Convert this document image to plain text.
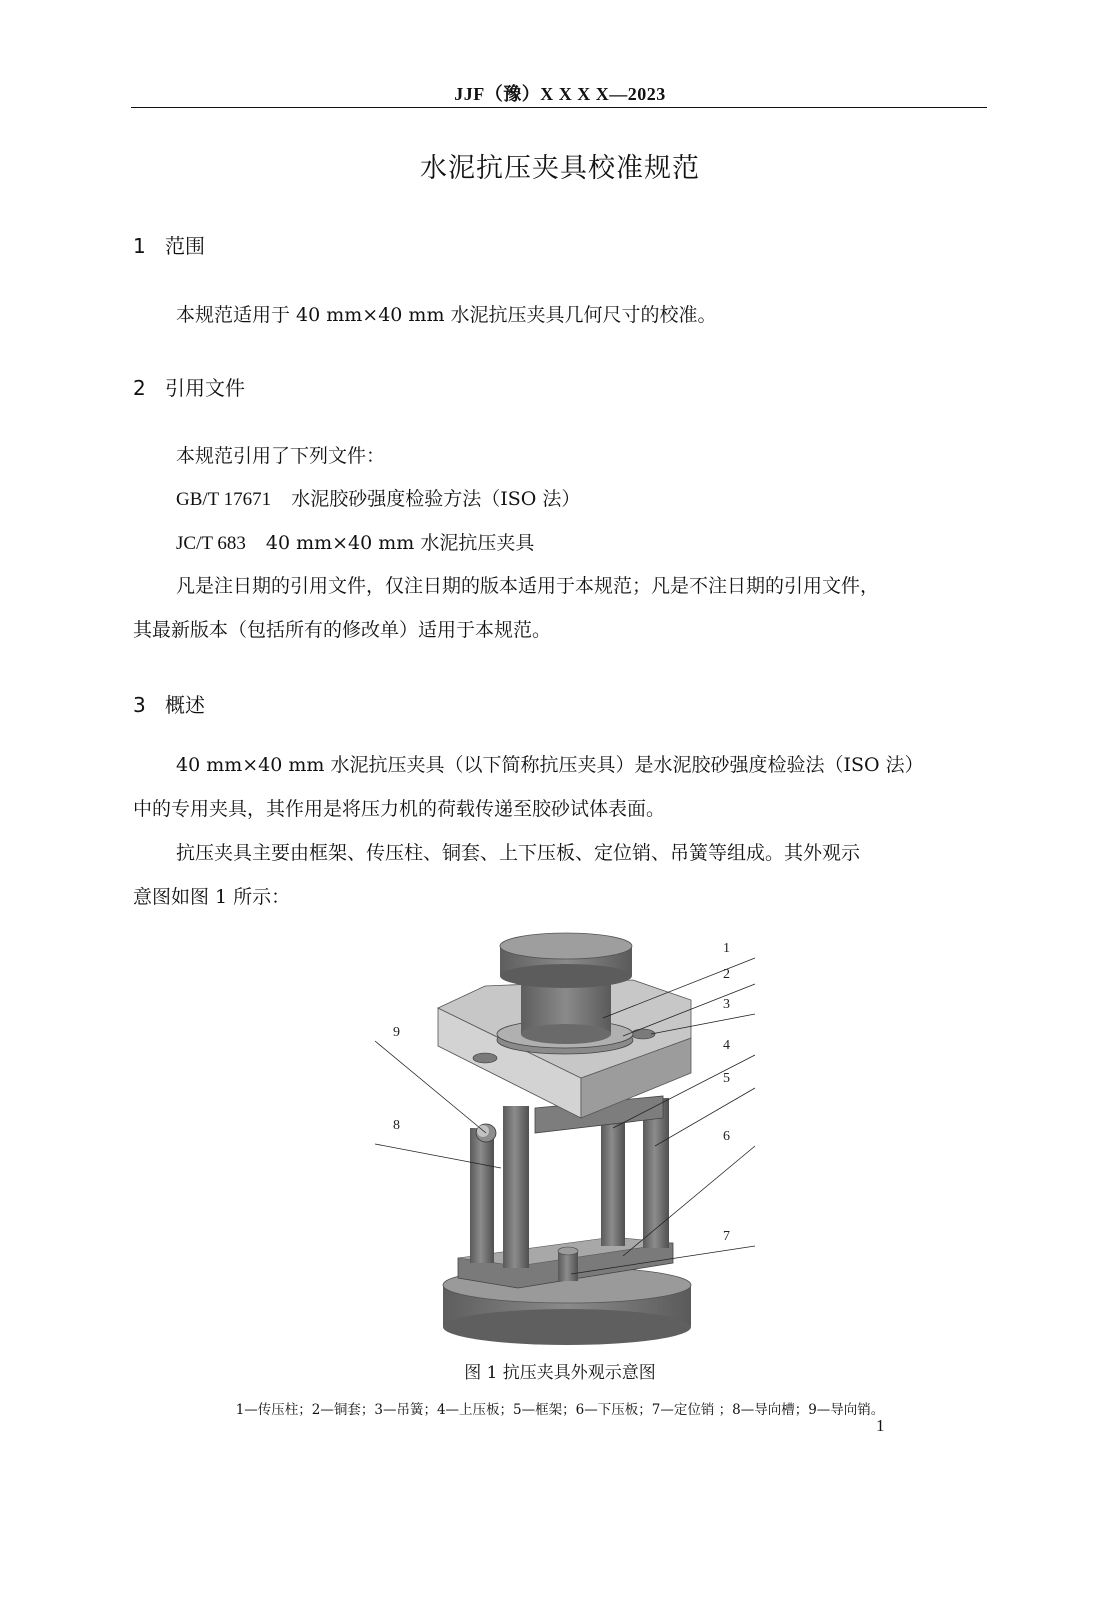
JJF（豫）X X X X—2023
水泥抗压夹具校准规范
1 范围
本规范适用于 40 mm×40 mm 水泥抗压夹具几何尺寸的校准。
2 引用文件
本规范引用了下列文件：
GB/T 17671 水泥胶砂强度检验方法（ISO 法）
JC/T 683 40 mm×40 mm 水泥抗压夹具
凡是注日期的引用文件，仅注日期的版本适用于本规范；凡是不注日期的引用文件，
其最新版本（包括所有的修改单）适用于本规范。
3 概述
40 mm×40 mm 水泥抗压夹具（以下简称抗压夹具）是水泥胶砂强度检验法（ISO 法）
中的专用夹具，其作用是将压力机的荷载传递至胶砂试体表面。
抗压夹具主要由框架、传压柱、铜套、上下压板、定位销、吊簧等组成。其外观示
意图如图 1 所示：
1
2
3
4
5
6
7
8
9
图 1 抗压夹具外观示意图
1—传压柱；2—铜套；3—吊簧；4—上压板；5—框架；6—下压板；7—定位销 ；8—导向槽；9—导向销。
1
